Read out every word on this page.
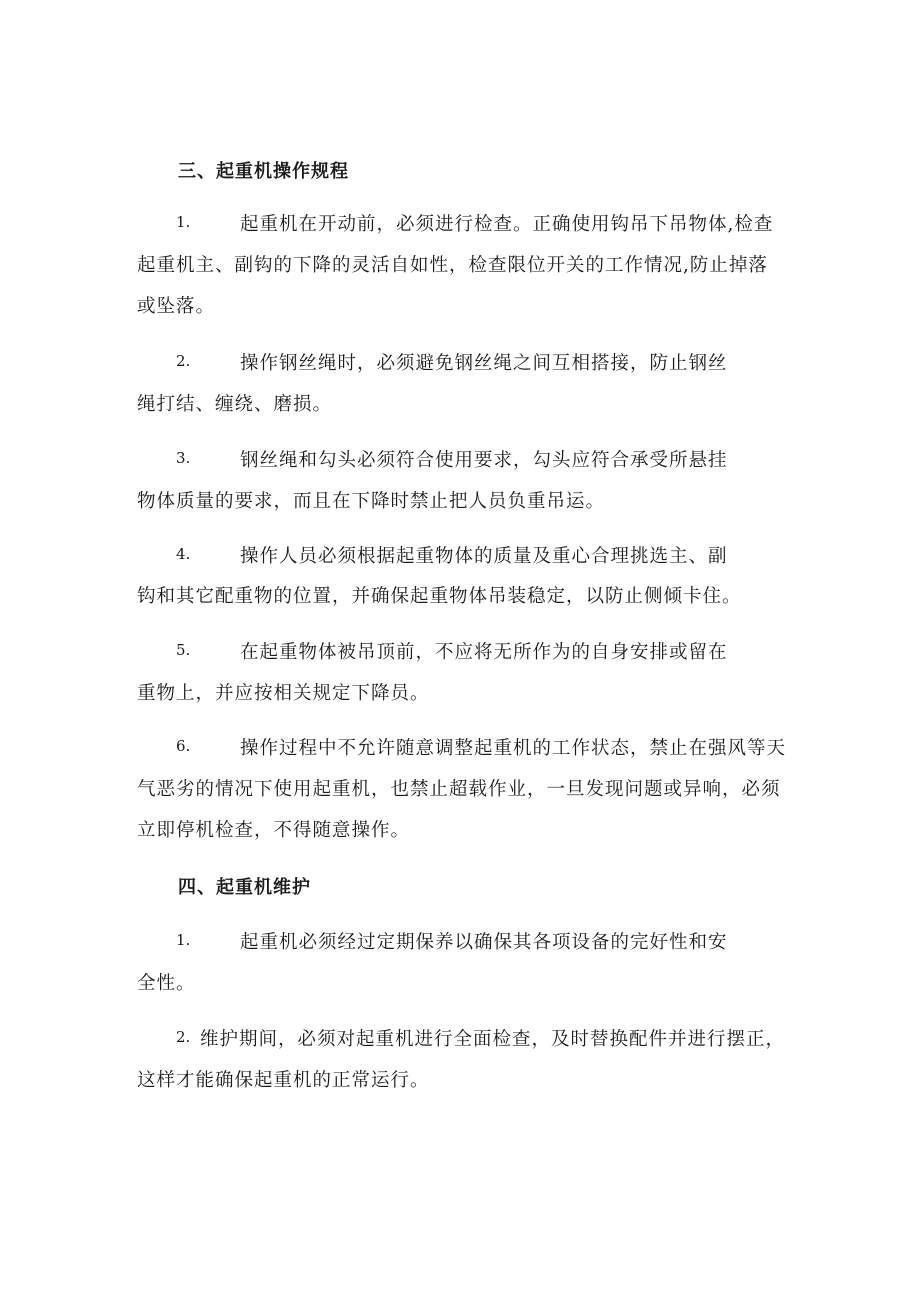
三、起重机操作规程
1.	起重机在开动前，必须进行检查。正确使用钩吊下吊物体,检查
起重机主、副钩的下降的灵活自如性，检查限位开关的工作情况,防止掉落
或坠落。
2.	操作钢丝绳时，必须避免钢丝绳之间互相搭接，防止钢丝
绳打结、缠绕、磨损。
3.	钢丝绳和勾头必须符合使用要求，勾头应符合承受所悬挂
物体质量的要求，而且在下降时禁止把人员负重吊运。
4.	操作人员必须根据起重物体的质量及重心合理挑选主、副
钩和其它配重物的位置，并确保起重物体吊装稳定，以防止侧倾卡住。
5.	在起重物体被吊顶前，不应将无所作为的自身安排或留在
重物上，并应按相关规定下降员。
6.	操作过程中不允许随意调整起重机的工作状态，禁止在强风等天
气恶劣的情况下使用起重机，也禁止超载作业，一旦发现问题或异响，必须
立即停机检查，不得随意操作。
四、起重机维护
1.	起重机必须经过定期保养以确保其各项设备的完好性和安
全性。
2. 维护期间，必须对起重机进行全面检查，及时替换配件并进行摆正，
这样才能确保起重机的正常运行。
